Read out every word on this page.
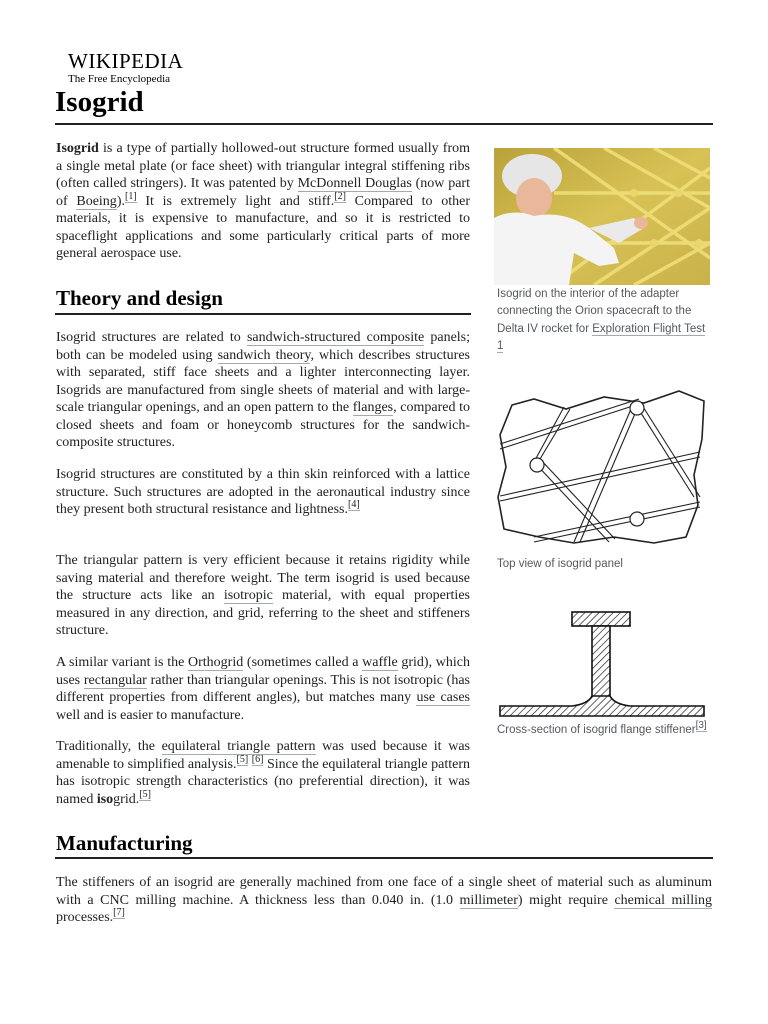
WIKIPEDIA
The Free Encyclopedia
Isogrid

Isogrid is a type of partially hollowed-out structure formed usually from a single metal plate (or face sheet) with triangular integral stiffening ribs (often called stringers). It was patented by McDonnell Douglas (now part of Boeing).[1] It is extremely light and stiff.[2] Compared to other materials, it is expensive to manufacture, and so it is restricted to spaceflight applications and some particularly critical parts of more general aerospace use.

Theory and design

Isogrid structures are related to sandwich-structured composite panels; both can be modeled using sandwich theory, which describes structures with separated, stiff face sheets and a lighter interconnecting layer. Isogrids are manufactured from single sheets of material and with large-scale triangular openings, and an open pattern to the flanges, compared to closed sheets and foam or honeycomb structures for the sandwich-composite structures.

Isogrid structures are constituted by a thin skin reinforced with a lattice structure. Such structures are adopted in the aeronautical industry since they present both structural resistance and lightness.[4]

The triangular pattern is very efficient because it retains rigidity while saving material and therefore weight. The term isogrid is used because the structure acts like an isotropic material, with equal properties measured in any direction, and grid, referring to the sheet and stiffeners structure.

A similar variant is the Orthogrid (sometimes called a waffle grid), which uses rectangular rather than triangular openings. This is not isotropic (has different properties from different angles), but matches many use cases well and is easier to manufacture.

Traditionally, the equilateral triangle pattern was used because it was amenable to simplified analysis.[5] [6] Since the equilateral triangle pattern has isotropic strength characteristics (no preferential direction), it was named isogrid.[5]

Manufacturing

The stiffeners of an isogrid are generally machined from one face of a single sheet of material such as aluminum with a CNC milling machine. A thickness less than 0.040 in. (1.0 millimeter) might require chemical milling processes.[7]

Isogrid on the interior of the adapter connecting the Orion spacecraft to the Delta IV rocket for Exploration Flight Test 1

Top view of isogrid panel

Cross-section of isogrid flange stiffener[3]
